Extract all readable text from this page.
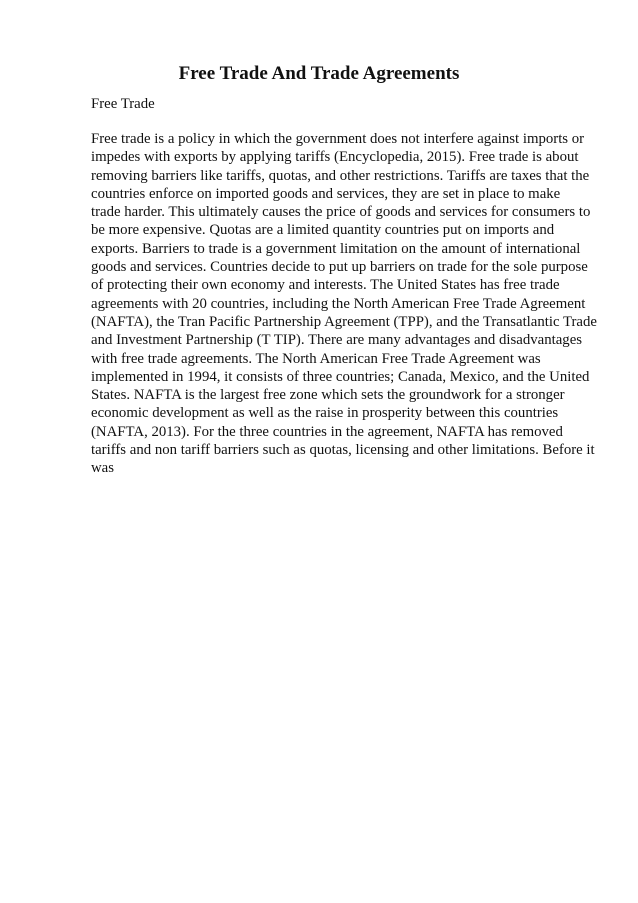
Free Trade And Trade Agreements

Free Trade

Free trade is a policy in which the government does not interfere against imports or
impedes with exports by applying tariffs (Encyclopedia, 2015). Free trade is about
removing barriers like tariffs, quotas, and other restrictions. Tariffs are taxes that the
countries enforce on imported goods and services, they are set in place to make
trade harder. This ultimately causes the price of goods and services for consumers to
be more expensive. Quotas are a limited quantity countries put on imports and
exports. Barriers to trade is a government limitation on the amount of international
goods and services. Countries decide to put up barriers on trade for the sole purpose
of protecting their own economy and interests. The United States has free trade
agreements with 20 countries, including the North American Free Trade Agreement
(NAFTA), the Tran Pacific Partnership Agreement (TPP), and the Transatlantic Trade
and Investment Partnership (T TIP). There are many advantages and disadvantages
with free trade agreements. The North American Free Trade Agreement was
implemented in 1994, it consists of three countries; Canada, Mexico, and the United
States. NAFTA is the largest free zone which sets the groundwork for a stronger
economic development as well as the raise in prosperity between this countries
(NAFTA, 2013). For the three countries in the agreement, NAFTA has removed
tariffs and non tariff barriers such as quotas, licensing and other limitations. Before it
was
